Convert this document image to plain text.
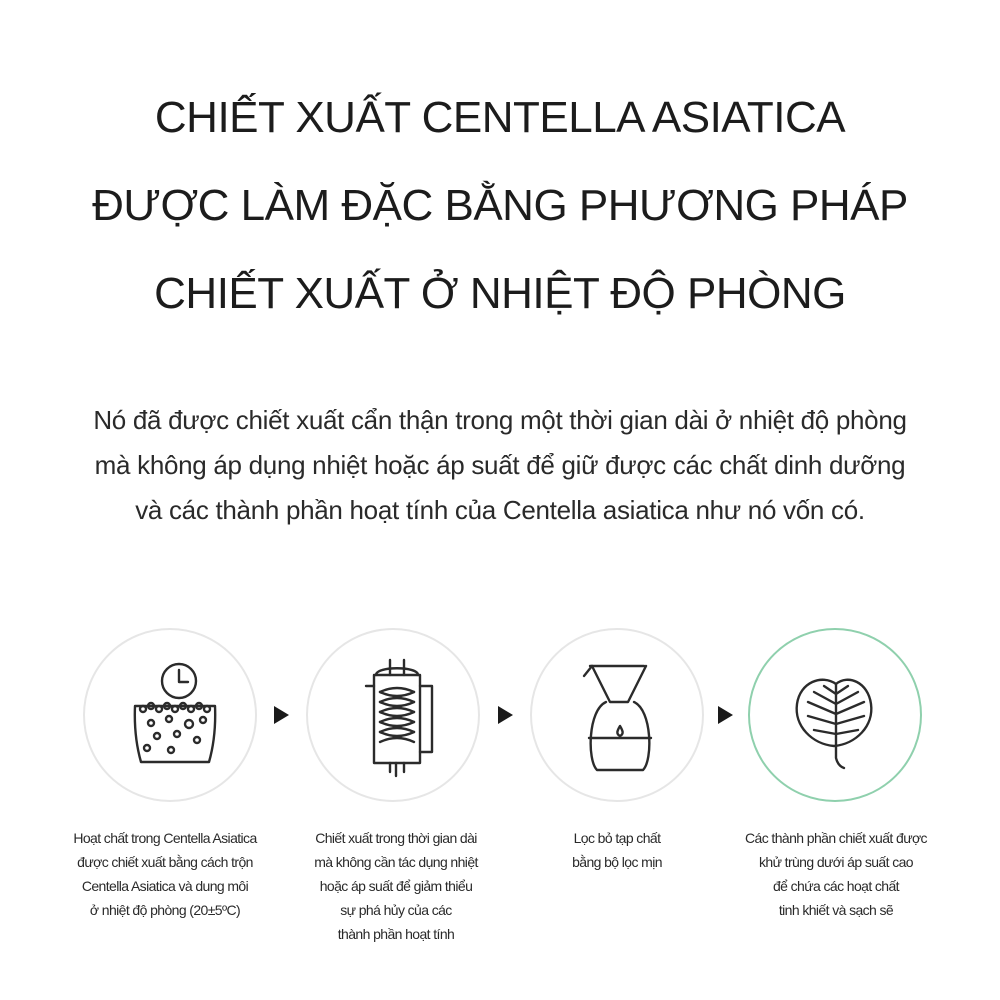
CHIẾT XUẤT CENTELLA ASIATICA
ĐƯỢC LÀM ĐẶC BẰNG PHƯƠNG PHÁP
CHIẾT XUẤT Ở NHIỆT ĐỘ PHÒNG
Nó đã được chiết xuất cẩn thận trong một thời gian dài ở nhiệt độ phòng
mà không áp dụng nhiệt hoặc áp suất để giữ được các chất dinh dưỡng
và các thành phần hoạt tính của Centella asiatica như nó vốn có.
Hoạt chất trong Centella Asiatica
được chiết xuất bằng cách trộn
Centella Asiatica và dung môi
ở nhiệt độ phòng (20±5ºC)
Chiết xuất trong thời gian dài
mà không cần tác dụng nhiệt
hoặc áp suất để giảm thiểu
sự phá hủy của các
thành phần hoạt tính
Lọc bỏ tạp chất
bằng bộ lọc mịn
Các thành phần chiết xuất được
khử trùng dưới áp suất cao
để chứa các hoạt chất
tinh khiết và sạch sẽ
